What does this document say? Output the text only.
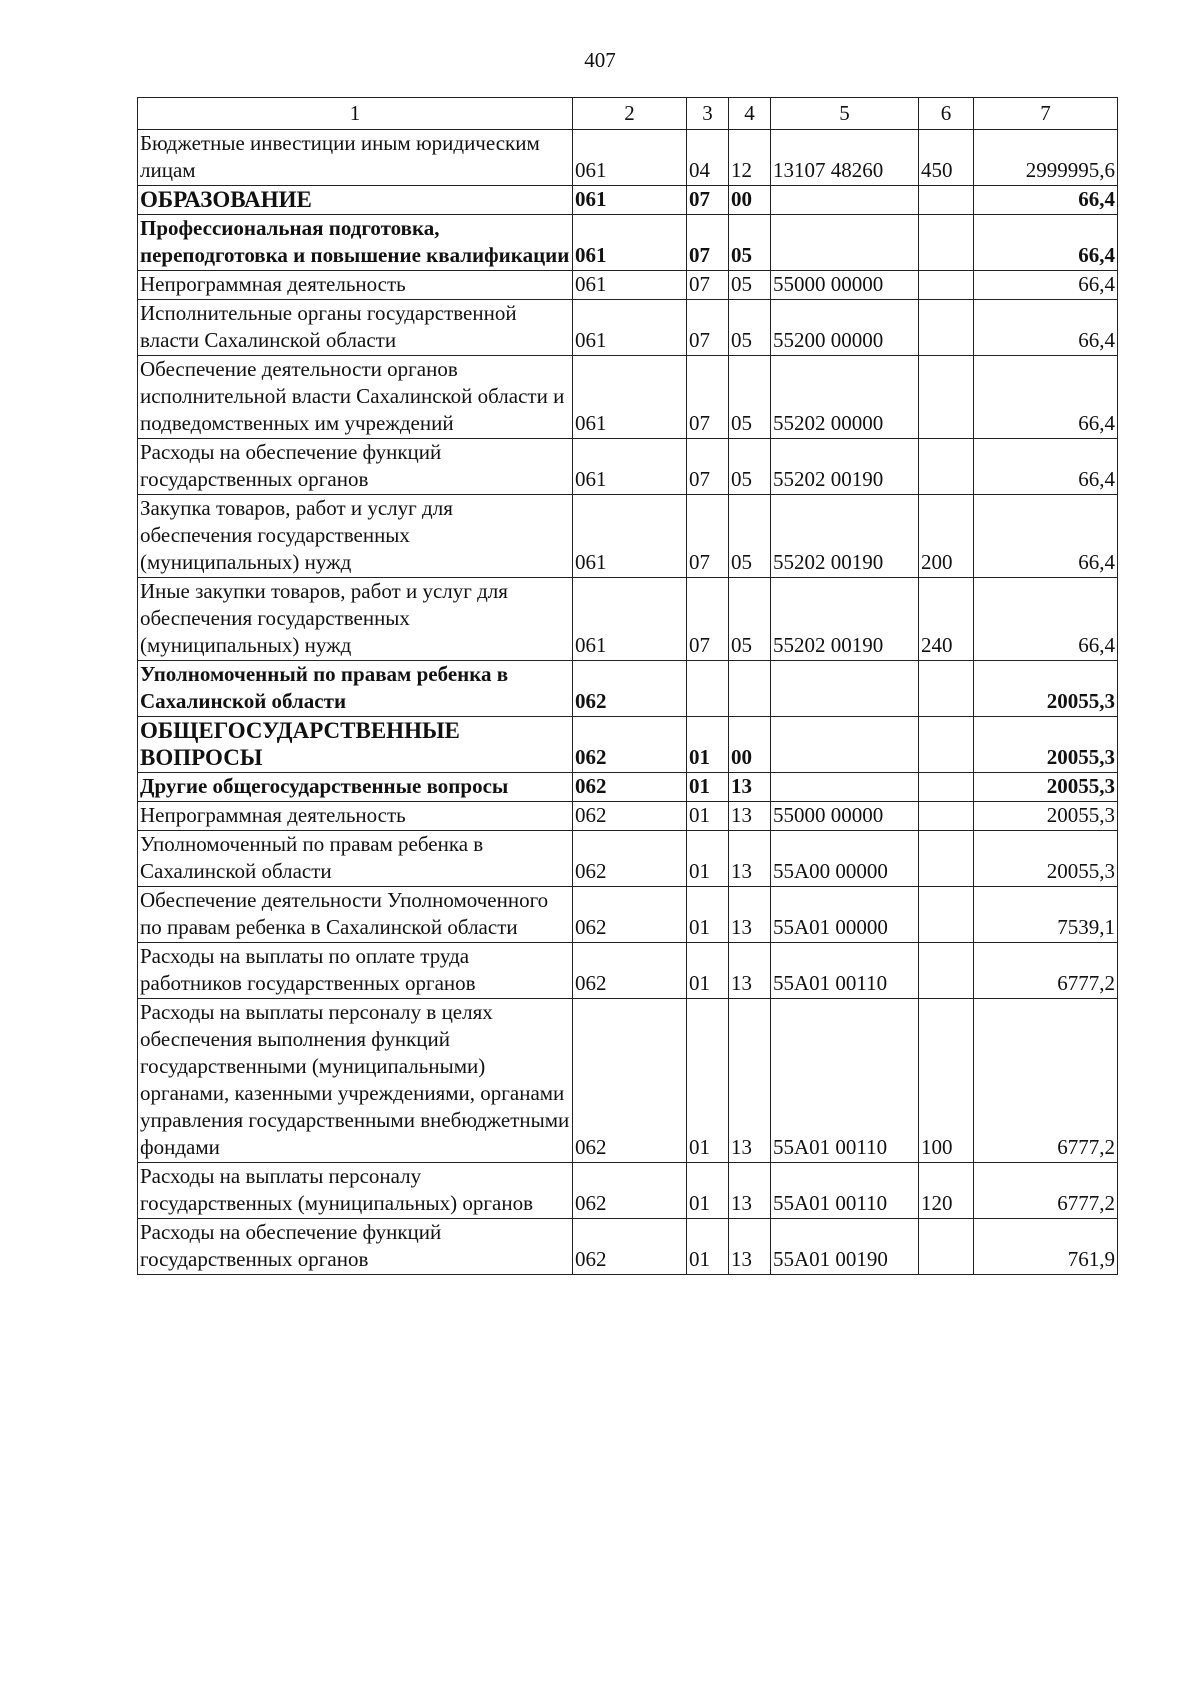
407
1	2	3	4	5	6	7
Бюджетные инвестиции иным юридическим лицам	061	04	12	13107 48260	450	2999995,6
ОБРАЗОВАНИЕ	061	07	00			66,4
Профессиональная подготовка, переподготовка и повышение квалификации	061	07	05			66,4
Непрограммная деятельность	061	07	05	55000 00000		66,4
Исполнительные органы государственной власти Сахалинской области	061	07	05	55200 00000		66,4
Обеспечение деятельности органов исполнительной власти Сахалинской области и подведомственных им учреждений	061	07	05	55202 00000		66,4
Расходы на обеспечение функций государственных органов	061	07	05	55202 00190		66,4
Закупка товаров, работ и услуг для обеспечения государственных (муниципальных) нужд	061	07	05	55202 00190	200	66,4
Иные закупки товаров, работ и услуг для обеспечения государственных (муниципальных) нужд	061	07	05	55202 00190	240	66,4
Уполномоченный по правам ребенка в Сахалинской области	062					20055,3
ОБЩЕГОСУДАРСТВЕННЫЕ ВОПРОСЫ	062	01	00			20055,3
Другие общегосударственные вопросы	062	01	13			20055,3
Непрограммная деятельность	062	01	13	55000 00000		20055,3
Уполномоченный по правам ребенка в Сахалинской области	062	01	13	55А00 00000		20055,3
Обеспечение деятельности Уполномоченного по правам ребенка в Сахалинской области	062	01	13	55А01 00000		7539,1
Расходы на выплаты по оплате труда работников государственных органов	062	01	13	55А01 00110		6777,2
Расходы на выплаты персоналу в целях обеспечения выполнения функций государственными (муниципальными) органами, казенными учреждениями, органами управления государственными внебюджетными фондами	062	01	13	55А01 00110	100	6777,2
Расходы на выплаты персоналу государственных (муниципальных) органов	062	01	13	55А01 00110	120	6777,2
Расходы на обеспечение функций государственных органов	062	01	13	55А01 00190		761,9
